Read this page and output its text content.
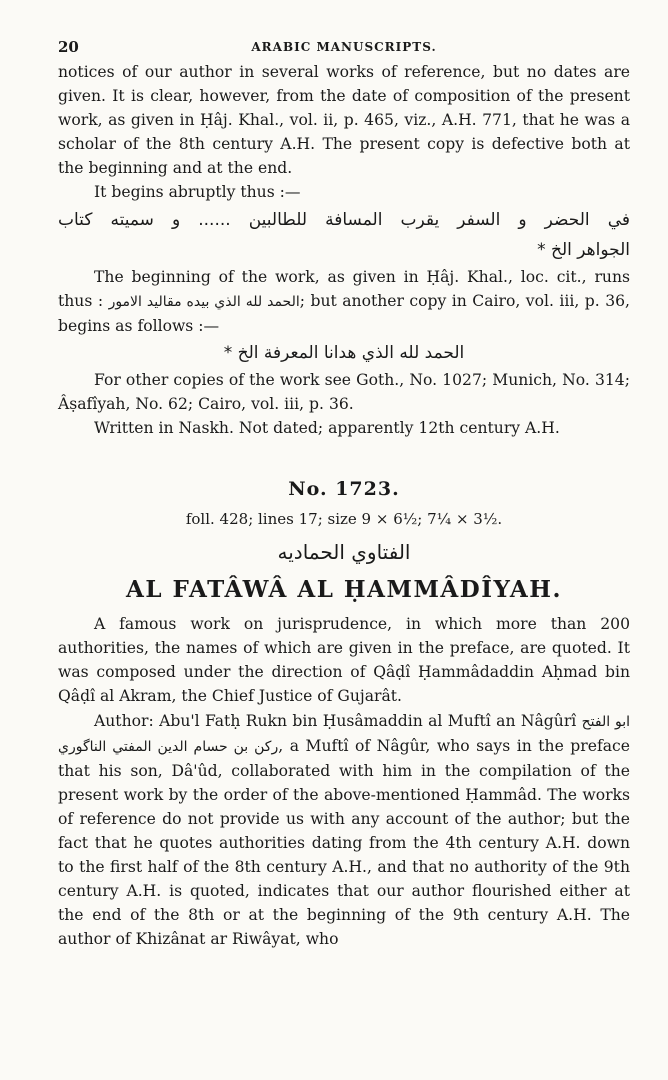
20	ARABIC MANUSCRIPTS.

notices of our author in several works of reference, but no dates are given. It is clear, however, from the date of composition of the present work, as given in Ḥâj. Khal., vol. ii, p. 465, viz., A.H. 771, that he was a scholar of the 8th century A.H. The present copy is defective both at the beginning and at the end.

It begins abruptly thus :—

في الحضر و السفر يقرب المسافة للطالبين ...... و سميته كتاب

الجواهر الخ *

The beginning of the work, as given in Ḥâj. Khal., loc. cit., runs thus : الحمد لله الذي بيده مقاليد الامور; but another copy in Cairo, vol. iii, p. 36, begins as follows :—

الحمد لله الذي هدانا المعرفة الخ *

For other copies of the work see Goth., No. 1027; Munich, No. 314; Âṣafîyah, No. 62; Cairo, vol. iii, p. 36.

Written in Naskh. Not dated; apparently 12th century A.H.

No. 1723.
foll. 428; lines 17; size 9 × 6½; 7¼ × 3½.
الفتاوي الحماديه
AL FATÂWÂ AL ḤAMMÂDÎYAH.

A famous work on jurisprudence, in which more than 200 authorities, the names of which are given in the preface, are quoted. It was composed under the direction of Qâḍî Ḥammâdaddin Aḥmad bin Qâḍî al Akram, the Chief Justice of Gujarât.

Author: Abu'l Fatḥ Rukn bin Ḥusâmaddin al Muftî an Nâgûrî ابو الفتح ركن بن حسام الدين المفتي الناگوري, a Muftî of Nâgûr, who says in the preface that his son, Dâ'ûd, collaborated with him in the compilation of the present work by the order of the above-mentioned Ḥammâd. The works of reference do not provide us with any account of the author; but the fact that he quotes authorities dating from the 4th century A.H. down to the first half of the 8th century A.H., and that no authority of the 9th century A.H. is quoted, indicates that our author flourished either at the end of the 8th or at the beginning of the 9th century A.H. The author of Khizânat ar Riwâyat, who
